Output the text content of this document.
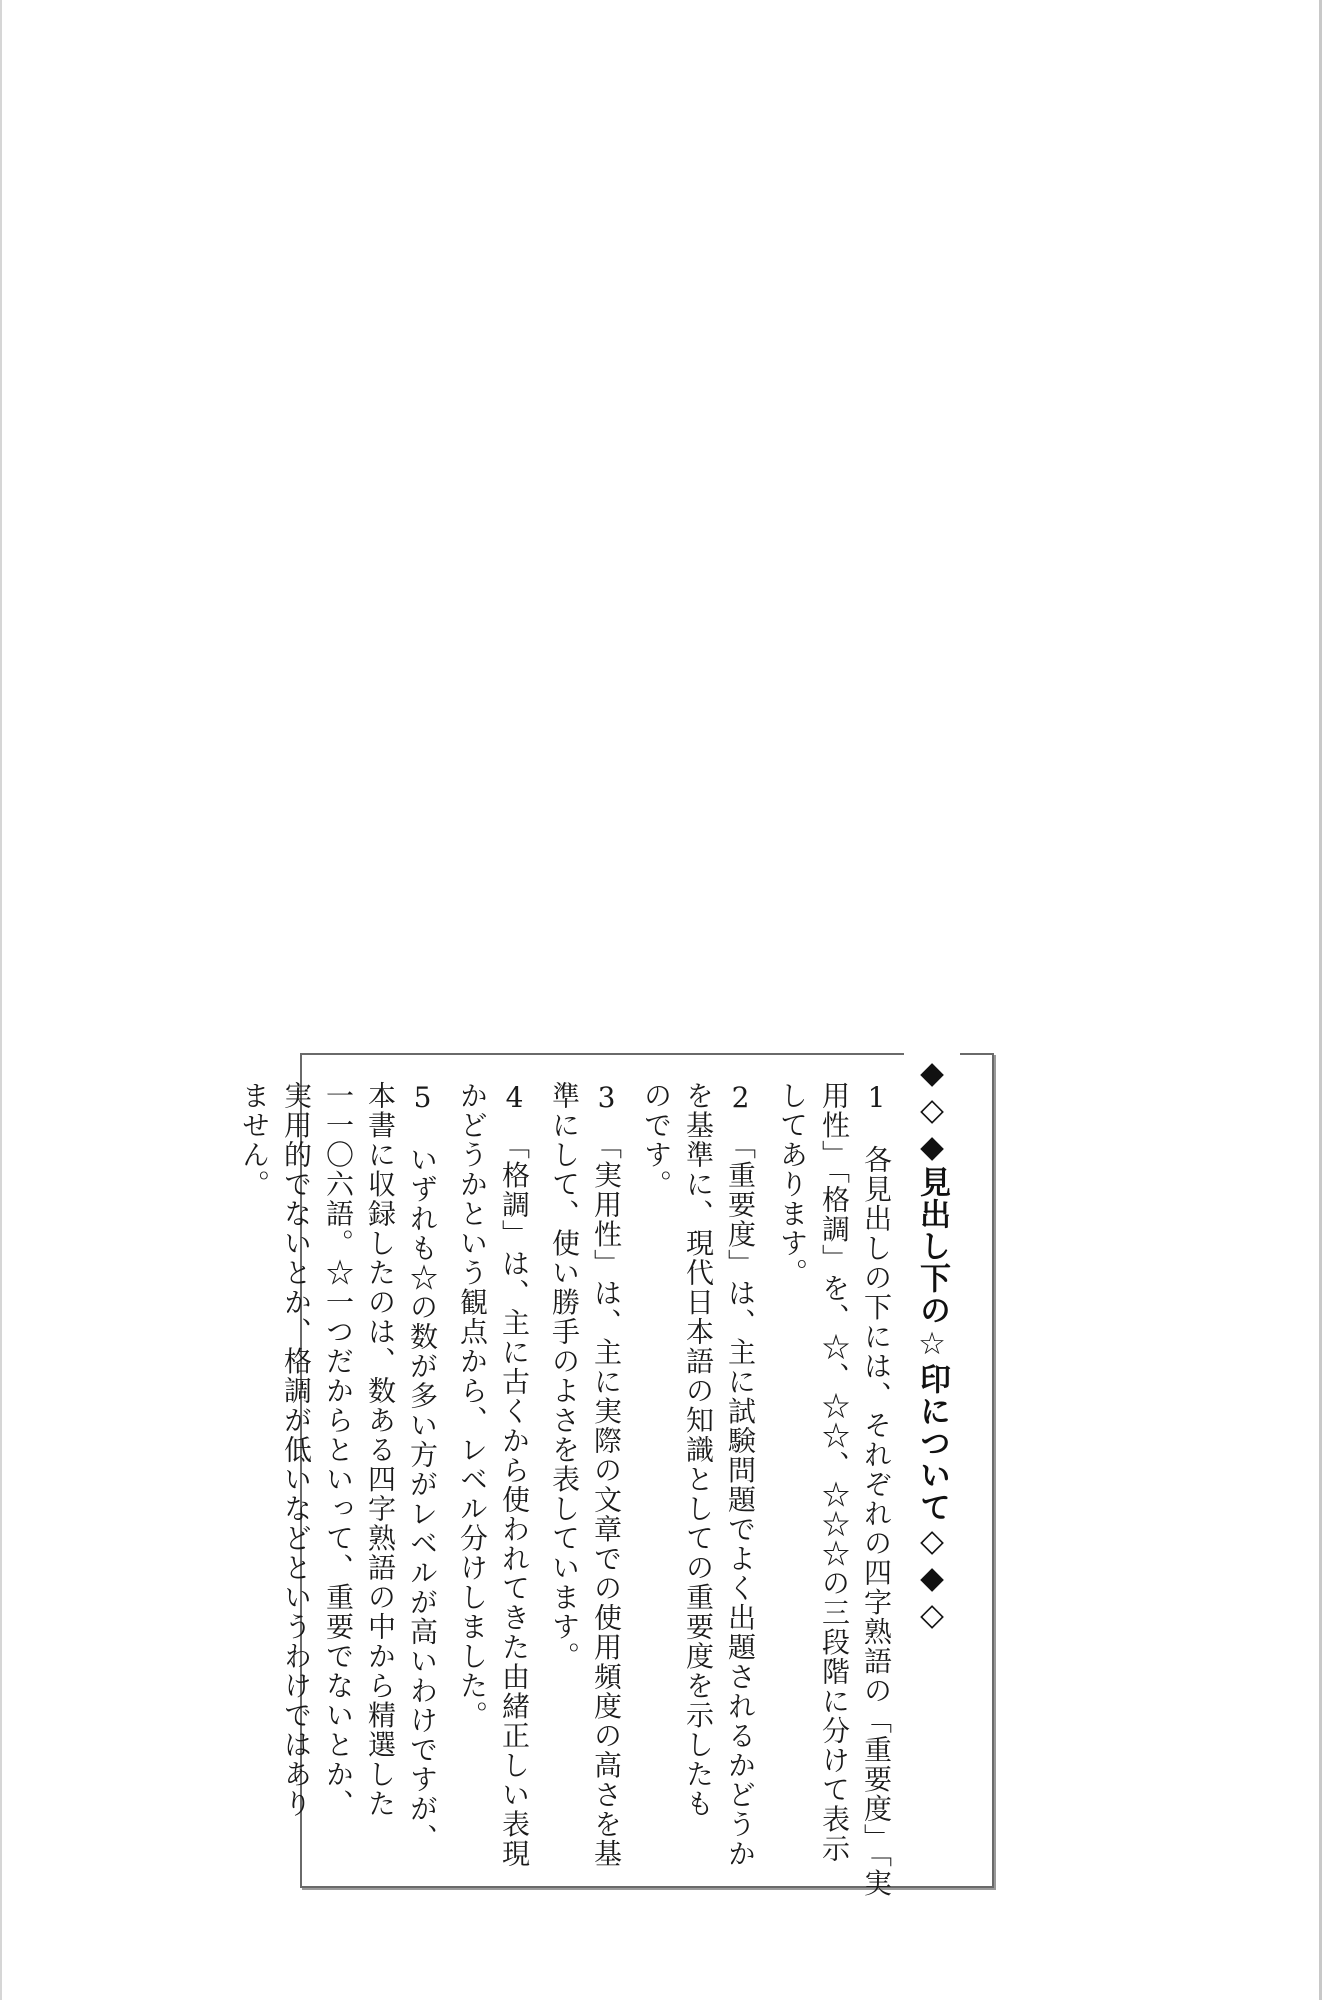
◆◇◆見出し下の☆印について◇◆◇
1　各見出しの下には、それぞれの四字熟語の「重要度」「実
用性」「格調」を、☆、☆☆、☆☆☆の三段階に分けて表示
してあります。
2　「重要度」は、主に試験問題でよく出題されるかどうか
を基準に、現代日本語の知識としての重要度を示したも
のです。
3　「実用性」は、主に実際の文章での使用頻度の高さを基
準にして、使い勝手のよさを表しています。
4　「格調」は、主に古くから使われてきた由緒正しい表現
かどうかという観点から、レベル分けしました。
5　いずれも☆の数が多い方がレベルが高いわけですが、
本書に収録したのは、数ある四字熟語の中から精選した
一一〇六語。☆一つだからといって、重要でないとか、
実用的でないとか、格調が低いなどというわけではあり
ません。
